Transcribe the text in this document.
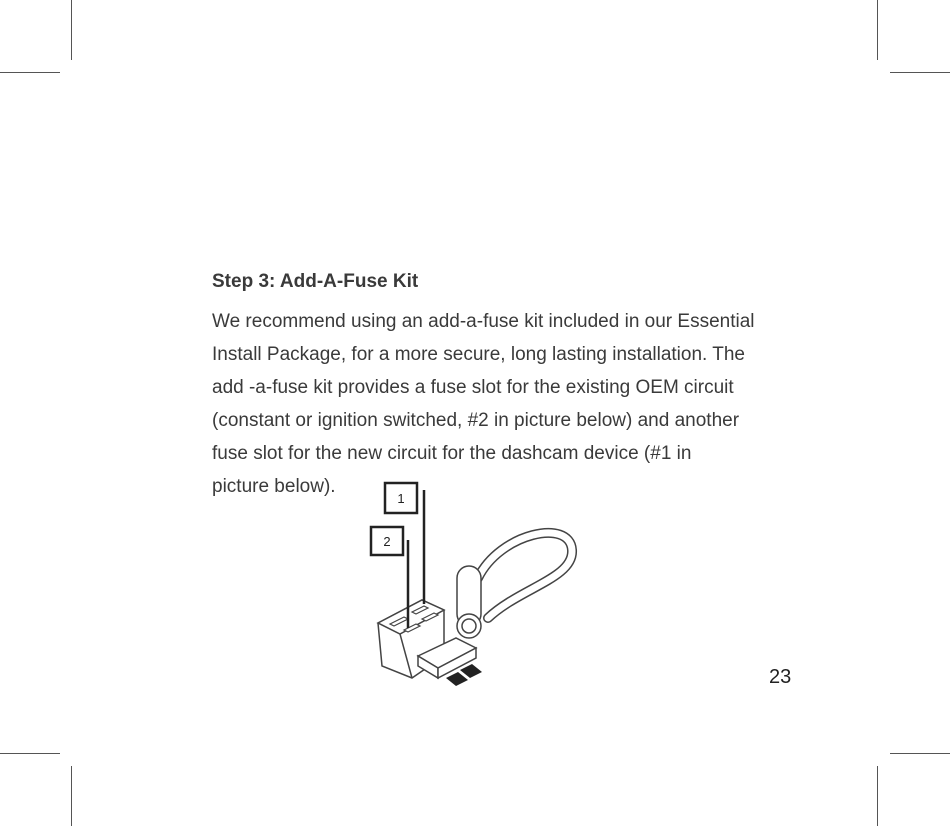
Step 3: Add-A-Fuse Kit
We recommend using an add-a-fuse kit included in our Essential
Install Package, for a more secure, long lasting installation. The
add -a-fuse kit provides a fuse slot for the existing OEM circuit
(constant or ignition switched, #2 in picture below) and another
fuse slot for the new circuit for the dashcam device (#1 in
picture below).
1
2
23
